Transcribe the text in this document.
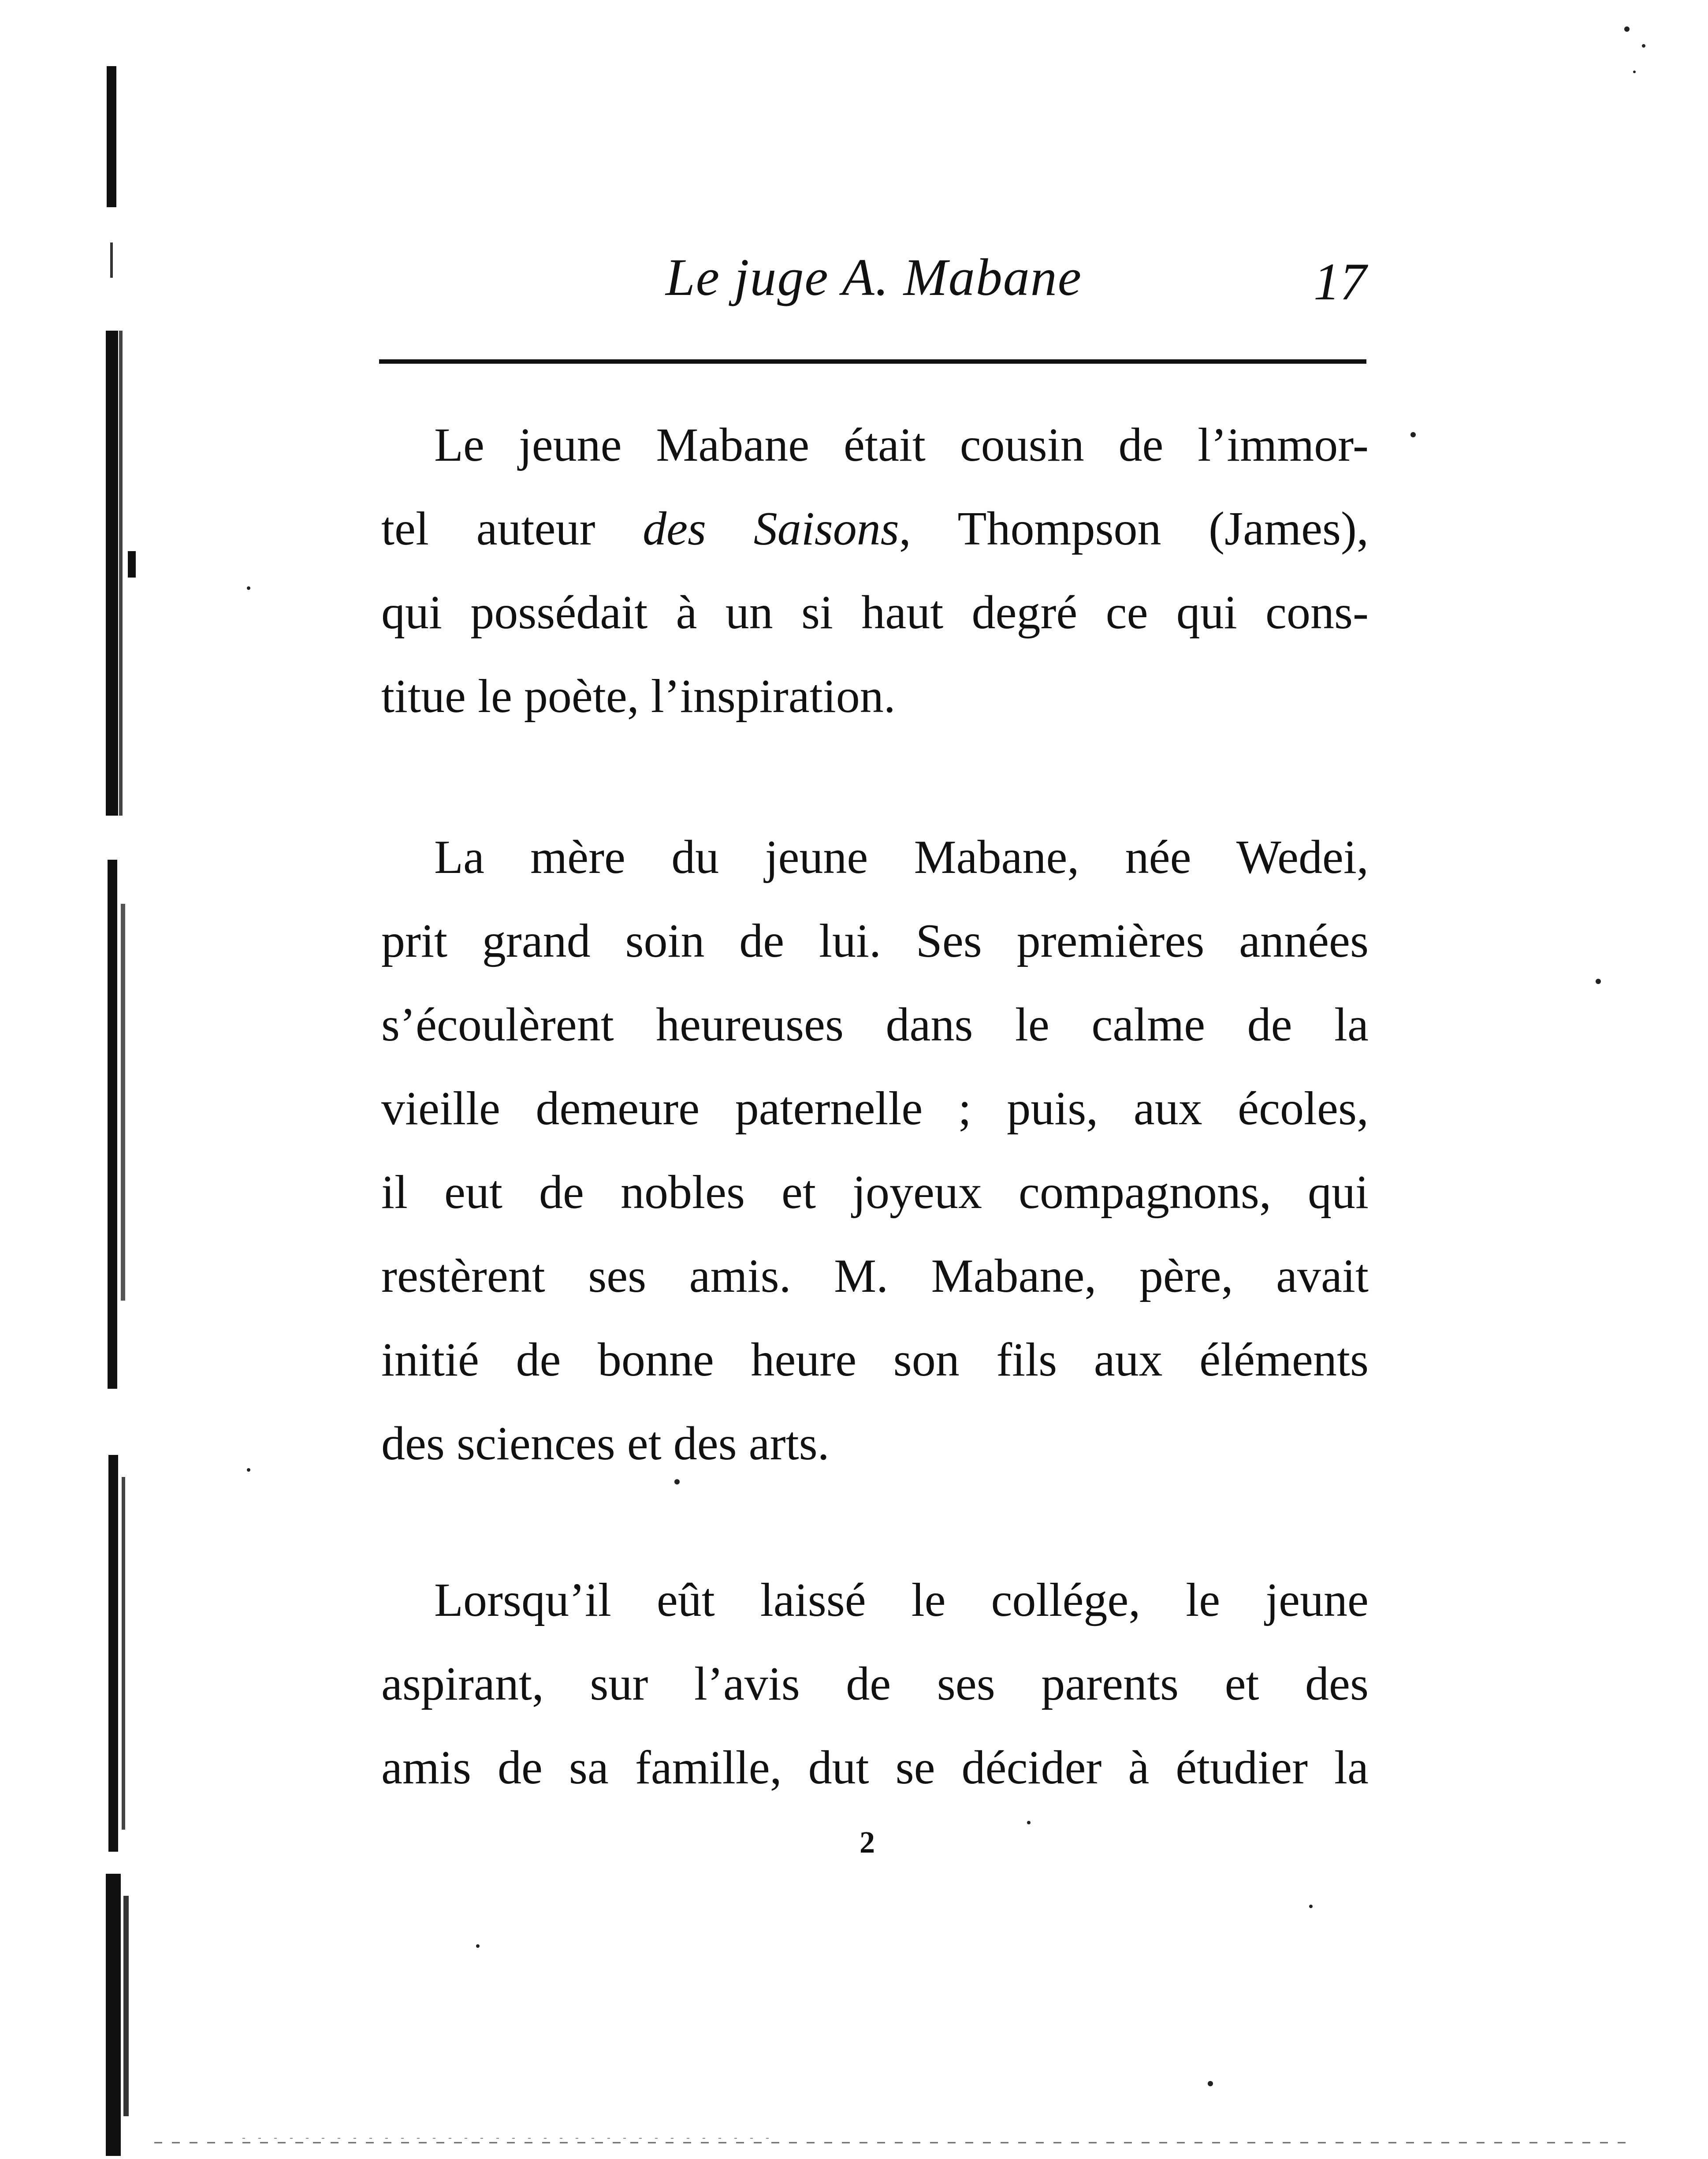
Le juge A. Mabane	17
Le jeune Mabane était cousin de l’immor-
tel auteur des Saisons, Thompson (James),
qui possédait à un si haut degré ce qui cons-
titue le poète, l’inspiration.
La mère du jeune Mabane, née Wedei,
prit grand soin de lui. Ses premières années
s’écoulèrent heureuses dans le calme de la
vieille demeure paternelle ; puis, aux écoles,
il eut de nobles et joyeux compagnons, qui
restèrent ses amis. M. Mabane, père, avait
initié de bonne heure son fils aux éléments
des sciences et des arts.
Lorsqu’il eût laissé le collége, le jeune
aspirant, sur l’avis de ses parents et des
amis de sa famille, dut se décider à étudier la
2
